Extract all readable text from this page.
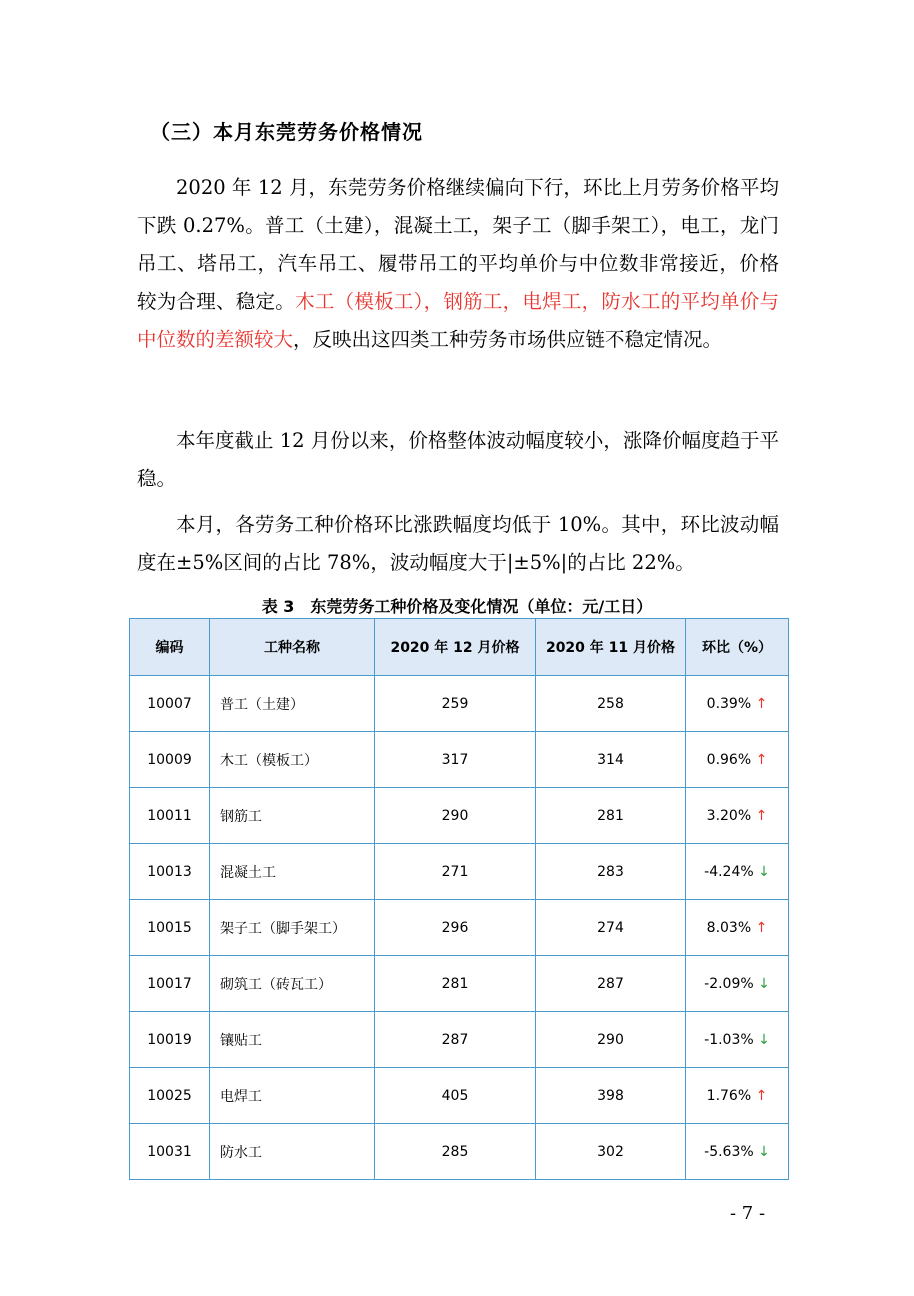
（三）本月东莞劳务价格情况
2020 年 12 月，东莞劳务价格继续偏向下行，环比上月劳务价格平均下跌 0.27%。普工（土建），混凝土工，架子工（脚手架工），电工，龙门吊工、塔吊工，汽车吊工、履带吊工的平均单价与中位数非常接近，价格较为合理、稳定。木工（模板工），钢筋工，电焊工，防水工的平均单价与中位数的差额较大，反映出这四类工种劳务市场供应链不稳定情况。
本年度截止 12 月份以来，价格整体波动幅度较小，涨降价幅度趋于平稳。
本月，各劳务工种价格环比涨跌幅度均低于 10%。其中，环比波动幅度在±5%区间的占比 78%，波动幅度大于|±5%|的占比 22%。
表 3　东莞劳务工种价格及变化情况（单位：元/工日）
编码	工种名称	2020 年 12 月价格	2020 年 11 月价格	环比（%）
10007	普工（土建）	259	258	0.39% ↑
10009	木工（模板工）	317	314	0.96% ↑
10011	钢筋工	290	281	3.20% ↑
10013	混凝土工	271	283	-4.24% ↓
10015	架子工（脚手架工）	296	274	8.03% ↑
10017	砌筑工（砖瓦工）	281	287	-2.09% ↓
10019	镶贴工	287	290	-1.03% ↓
10025	电焊工	405	398	1.76% ↑
10031	防水工	285	302	-5.63% ↓
- 7 -
